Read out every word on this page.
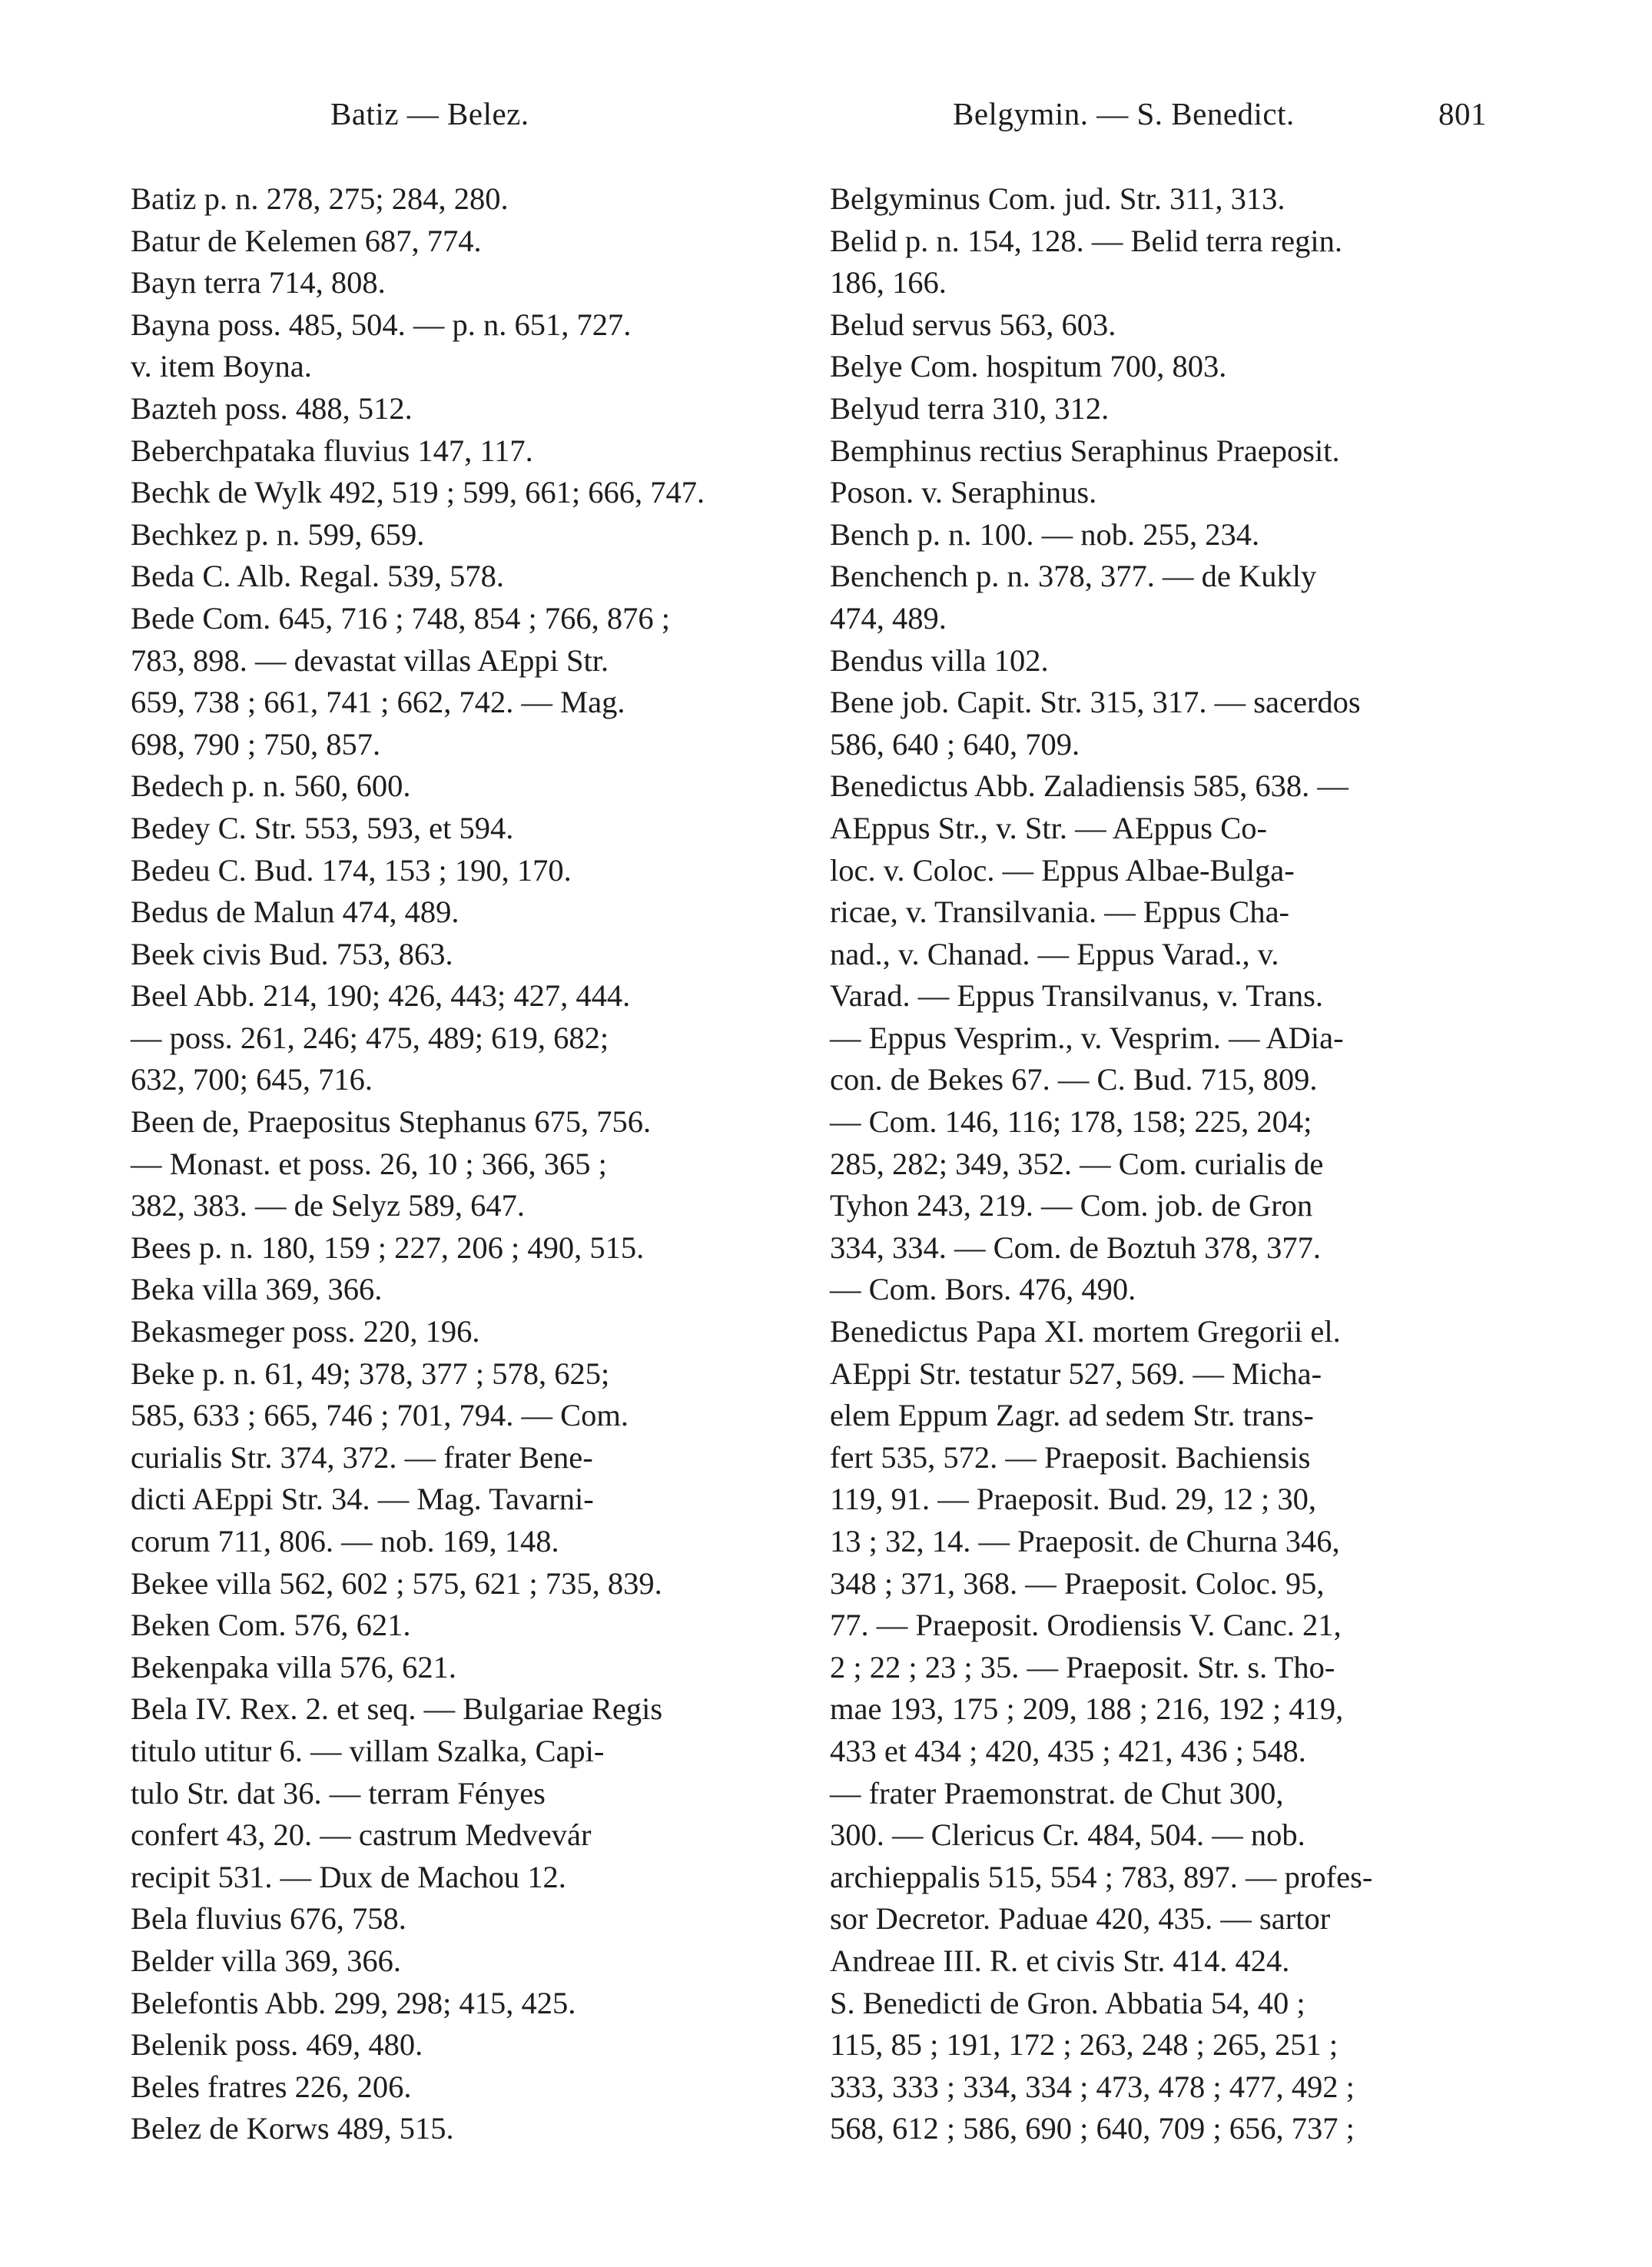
Batiz — Belez.	Belgymin. — S. Benedict.	801
Batiz p. n. 278, 275; 284, 280.
Batur de Kelemen 687, 774.
Bayn terra 714, 808.
Bayna poss. 485, 504. — p. n. 651, 727.
v. item Boyna.
Bazteh poss. 488, 512.
Beberchpataka fluvius 147, 117.
Bechk de Wylk 492, 519 ; 599, 661; 666, 747.
Bechkez p. n. 599, 659.
Beda C. Alb. Regal. 539, 578.
Bede Com. 645, 716 ; 748, 854 ; 766, 876 ;
783, 898. — devastat villas AEppi Str.
659, 738 ; 661, 741 ; 662, 742. — Mag.
698, 790 ; 750, 857.
Bedech p. n. 560, 600.
Bedey C. Str. 553, 593, et 594.
Bedeu C. Bud. 174, 153 ; 190, 170.
Bedus de Malun 474, 489.
Beek civis Bud. 753, 863.
Beel Abb. 214, 190; 426, 443; 427, 444.
— poss. 261, 246; 475, 489; 619, 682;
632, 700; 645, 716.
Been de, Praepositus Stephanus 675, 756.
— Monast. et poss. 26, 10 ; 366, 365 ;
382, 383. — de Selyz 589, 647.
Bees p. n. 180, 159 ; 227, 206 ; 490, 515.
Beka villa 369, 366.
Bekasmeger poss. 220, 196.
Beke p. n. 61, 49; 378, 377 ; 578, 625;
585, 633 ; 665, 746 ; 701, 794. — Com.
curialis Str. 374, 372. — frater Bene-
dicti AEppi Str. 34. — Mag. Tavarni-
corum 711, 806. — nob. 169, 148.
Bekee villa 562, 602 ; 575, 621 ; 735, 839.
Beken Com. 576, 621.
Bekenpaka villa 576, 621.
Bela IV. Rex. 2. et seq. — Bulgariae Regis
titulo utitur 6. — villam Szalka, Capi-
tulo Str. dat 36. — terram Fényes
confert 43, 20. — castrum Medvevár
recipit 531. — Dux de Machou 12.
Bela fluvius 676, 758.
Belder villa 369, 366.
Belefontis Abb. 299, 298; 415, 425.
Belenik poss. 469, 480.
Beles fratres 226, 206.
Belez de Korws 489, 515.
Belgyminus Com. jud. Str. 311, 313.
Belid p. n. 154, 128. — Belid terra regin.
186, 166.
Belud servus 563, 603.
Belye Com. hospitum 700, 803.
Belyud terra 310, 312.
Bemphinus rectius Seraphinus Praeposit.
Poson. v. Seraphinus.
Bench p. n. 100. — nob. 255, 234.
Benchench p. n. 378, 377. — de Kukly
474, 489.
Bendus villa 102.
Bene job. Capit. Str. 315, 317. — sacerdos
586, 640 ; 640, 709.
Benedictus Abb. Zaladiensis 585, 638. —
AEppus Str., v. Str. — AEppus Co-
loc. v. Coloc. — Eppus Albae-Bulga-
ricae, v. Transilvania. — Eppus Cha-
nad., v. Chanad. — Eppus Varad., v.
Varad. — Eppus Transilvanus, v. Trans.
— Eppus Vesprim., v. Vesprim. — ADia-
con. de Bekes 67. — C. Bud. 715, 809.
— Com. 146, 116; 178, 158; 225, 204;
285, 282; 349, 352. — Com. curialis de
Tyhon 243, 219. — Com. job. de Gron
334, 334. — Com. de Boztuh 378, 377.
— Com. Bors. 476, 490.
Benedictus Papa XI. mortem Gregorii el.
AEppi Str. testatur 527, 569. — Micha-
elem Eppum Zagr. ad sedem Str. trans-
fert 535, 572. — Praeposit. Bachiensis
119, 91. — Praeposit. Bud. 29, 12 ; 30,
13 ; 32, 14. — Praeposit. de Churna 346,
348 ; 371, 368. — Praeposit. Coloc. 95,
77. — Praeposit. Orodiensis V. Canc. 21,
2 ; 22 ; 23 ; 35. — Praeposit. Str. s. Tho-
mae 193, 175 ; 209, 188 ; 216, 192 ; 419,
433 et 434 ; 420, 435 ; 421, 436 ; 548.
— frater Praemonstrat. de Chut 300,
300. — Clericus Cr. 484, 504. — nob.
archieppalis 515, 554 ; 783, 897. — profes-
sor Decretor. Paduae 420, 435. — sartor
Andreae III. R. et civis Str. 414. 424.
S. Benedicti de Gron. Abbatia 54, 40 ;
115, 85 ; 191, 172 ; 263, 248 ; 265, 251 ;
333, 333 ; 334, 334 ; 473, 478 ; 477, 492 ;
568, 612 ; 586, 690 ; 640, 709 ; 656, 737 ;
